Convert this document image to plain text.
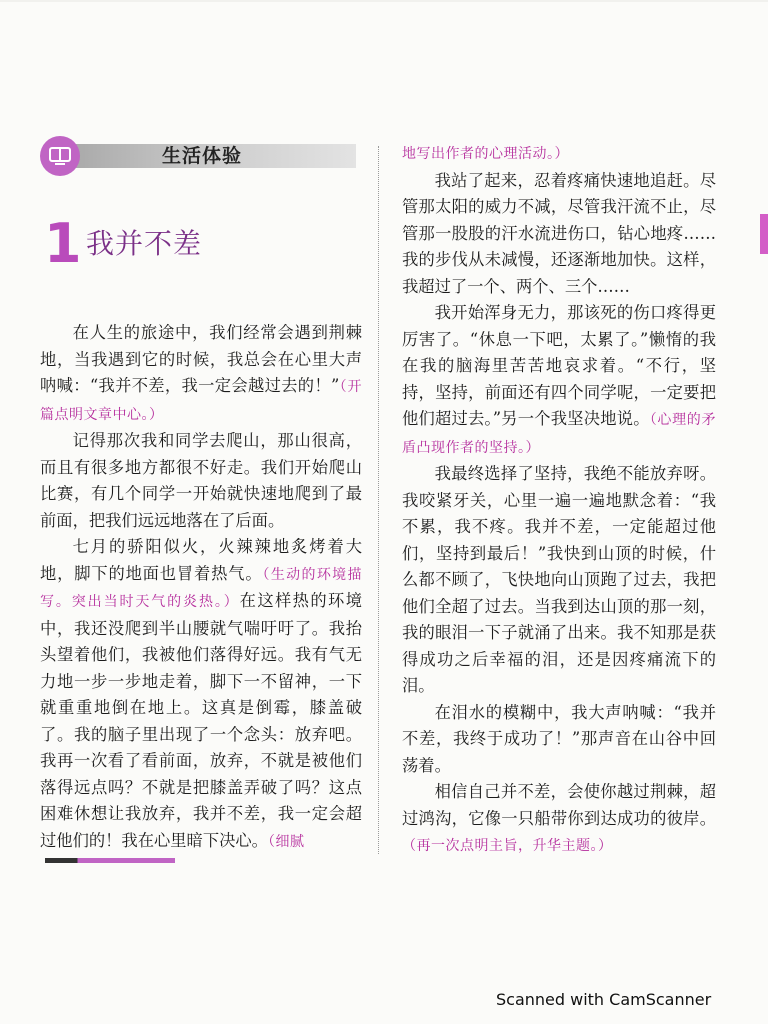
生活体验
1 我并不差

在人生的旅途中，我们经常会遇到荆棘地，当我遇到它的时候，我总会在心里大声呐喊：“我并不差，我一定会越过去的！”（开篇点明文章中心。）

记得那次我和同学去爬山，那山很高，而且有很多地方都很不好走。我们开始爬山比赛，有几个同学一开始就快速地爬到了最前面，把我们远远地落在了后面。

七月的骄阳似火，火辣辣地炙烤着大地，脚下的地面也冒着热气。（生动的环境描写。突出当时天气的炎热。）在这样热的环境中，我还没爬到半山腰就气喘吁吁了。我抬头望着他们，我被他们落得好远。我有气无力地一步一步地走着，脚下一不留神，一下就重重地倒在地上。这真是倒霉，膝盖破了。我的脑子里出现了一个念头：放弃吧。我再一次看了看前面，放弃，不就是被他们落得远点吗？不就是把膝盖弄破了吗？这点困难休想让我放弃，我并不差，我一定会超过他们的！我在心里暗下决心。（细腻

地写出作者的心理活动。）

我站了起来，忍着疼痛快速地追赶。尽管那太阳的威力不减，尽管我汗流不止，尽管那一股股的汗水流进伤口，钻心地疼……我的步伐从未减慢，还逐渐地加快。这样，我超过了一个、两个、三个……

我开始浑身无力，那该死的伤口疼得更厉害了。“休息一下吧，太累了。”懒惰的我在我的脑海里苦苦地哀求着。“不行，坚持，坚持，前面还有四个同学呢，一定要把他们超过去。”另一个我坚决地说。（心理的矛盾凸现作者的坚持。）

我最终选择了坚持，我绝不能放弃呀。我咬紧牙关，心里一遍一遍地默念着：“我不累，我不疼。我并不差，一定能超过他们，坚持到最后！”我快到山顶的时候，什么都不顾了，飞快地向山顶跑了过去，我把他们全超了过去。当我到达山顶的那一刻，我的眼泪一下子就涌了出来。我不知那是获得成功之后幸福的泪，还是因疼痛流下的泪。

在泪水的模糊中，我大声呐喊：“我并不差，我终于成功了！”那声音在山谷中回荡着。

相信自己并不差，会使你越过荆棘，超过鸿沟，它像一只船带你到达成功的彼岸。（再一次点明主旨，升华主题。）

Scanned with CamScanner
